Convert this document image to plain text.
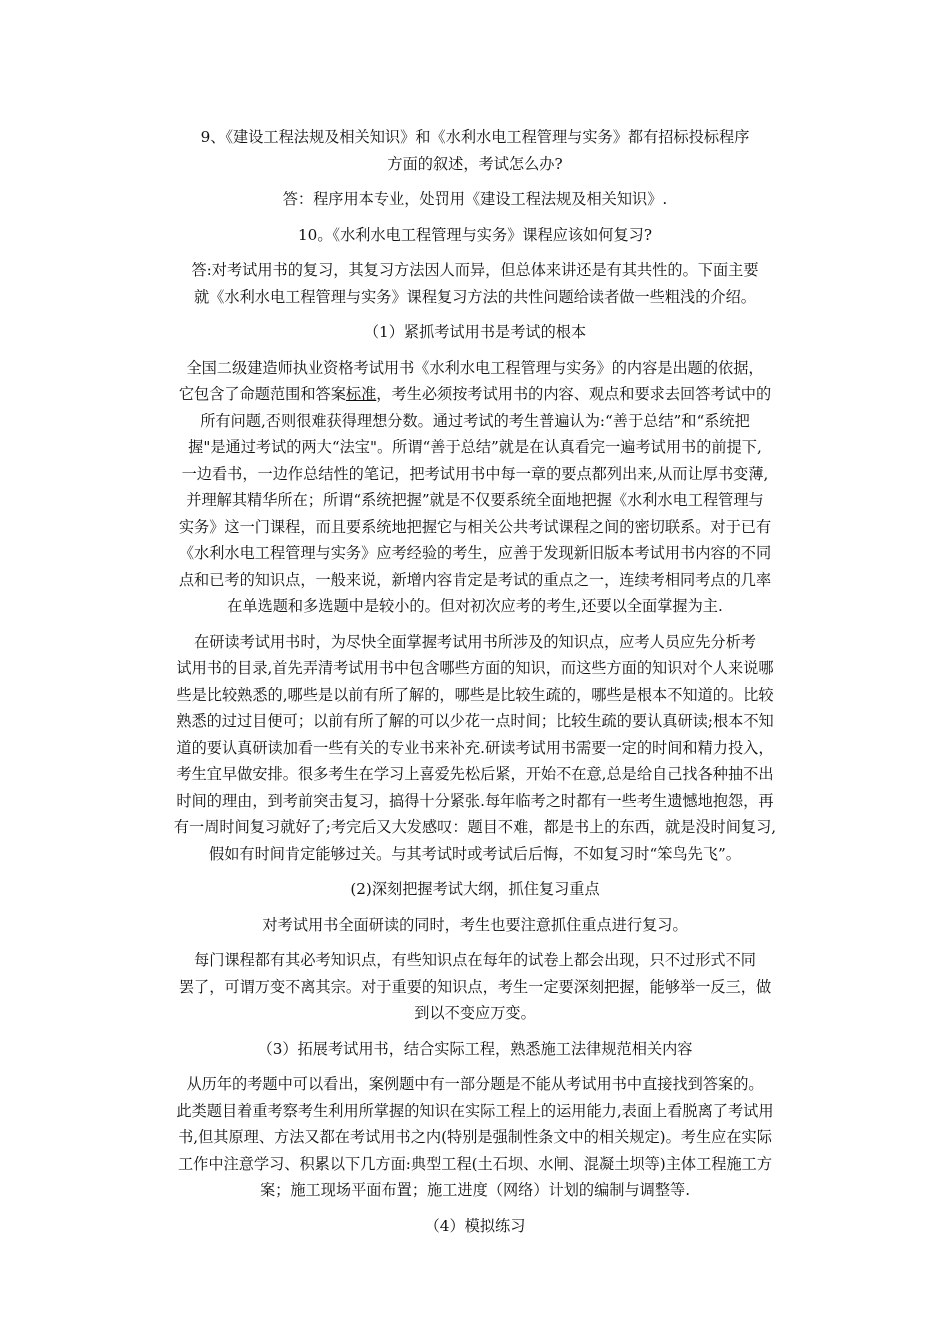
9、《建设工程法规及相关知识》和《水利水电工程管理与实务》都有招标投标程序
方面的叙述，考试怎么办?

答：程序用本专业，处罚用《建设工程法规及相关知识》.

10。《水利水电工程管理与实务》课程应该如何复习?

答:对考试用书的复习，其复习方法因人而异，但总体来讲还是有其共性的。下面主要
就《水利水电工程管理与实务》课程复习方法的共性问题给读者做一些粗浅的介绍。

（1）紧抓考试用书是考试的根本

全国二级建造师执业资格考试用书《水利水电工程管理与实务》的内容是出题的依据，
它包含了命题范围和答案标准，考生必须按考试用书的内容、观点和要求去回答考试中的
所有问题,否则很难获得理想分数。通过考试的考生普遍认为:“善于总结”和“系统把
握"是通过考试的两大“法宝"。所谓“善于总结”就是在认真看完一遍考试用书的前提下,
一边看书，一边作总结性的笔记，把考试用书中每一章的要点都列出来,从而让厚书变薄,
并理解其精华所在；所谓“系统把握”就是不仅要系统全面地把握《水利水电工程管理与
实务》这一门课程，而且要系统地把握它与相关公共考试课程之间的密切联系。对于已有
《水利水电工程管理与实务》应考经验的考生，应善于发现新旧版本考试用书内容的不同
点和已考的知识点，一般来说，新增内容肯定是考试的重点之一，连续考相同考点的几率
在单选题和多选题中是较小的。但对初次应考的考生,还要以全面掌握为主.

在研读考试用书时，为尽快全面掌握考试用书所涉及的知识点，应考人员应先分析考
试用书的目录,首先弄清考试用书中包含哪些方面的知识，而这些方面的知识对个人来说哪
些是比较熟悉的,哪些是以前有所了解的，哪些是比较生疏的，哪些是根本不知道的。比较
熟悉的过过目便可；以前有所了解的可以少花一点时间；比较生疏的要认真研读;根本不知
道的要认真研读加看一些有关的专业书来补充.研读考试用书需要一定的时间和精力投入，
考生宜早做安排。很多考生在学习上喜爱先松后紧，开始不在意,总是给自己找各种抽不出
时间的理由，到考前突击复习，搞得十分紧张.每年临考之时都有一些考生遗憾地抱怨，再
有一周时间复习就好了;考完后又大发感叹：题目不难，都是书上的东西，就是没时间复习,
假如有时间肯定能够过关。与其考试时或考试后后悔，不如复习时“笨鸟先飞”。

(2)深刻把握考试大纲，抓住复习重点

对考试用书全面研读的同时，考生也要注意抓住重点进行复习。

每门课程都有其必考知识点，有些知识点在每年的试卷上都会出现，只不过形式不同
罢了，可谓万变不离其宗。对于重要的知识点，考生一定要深刻把握，能够举一反三，做
到以不变应万变。

（3）拓展考试用书，结合实际工程，熟悉施工法律规范相关内容

从历年的考题中可以看出，案例题中有一部分题是不能从考试用书中直接找到答案的。
此类题目着重考察考生利用所掌握的知识在实际工程上的运用能力,表面上看脱离了考试用
书,但其原理、方法又都在考试用书之内(特别是强制性条文中的相关规定)。考生应在实际
工作中注意学习、积累以下几方面:典型工程(土石坝、水闸、混凝土坝等)主体工程施工方
案；施工现场平面布置；施工进度（网络）计划的编制与调整等.

（4）模拟练习
